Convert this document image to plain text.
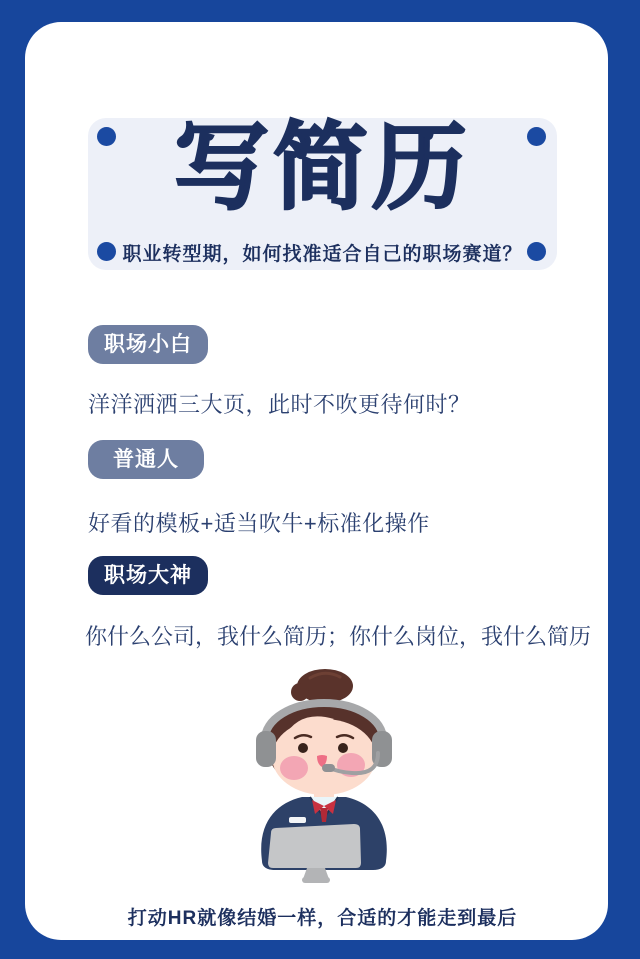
写简历
职业转型期，如何找准适合自己的职场赛道？
职场小白
洋洋洒洒三大页，此时不吹更待何时？
普通人
好看的模板+适当吹牛+标准化操作
职场大神
你什么公司，我什么简历；你什么岗位，我什么简历
打动HR就像结婚一样，合适的才能走到最后
